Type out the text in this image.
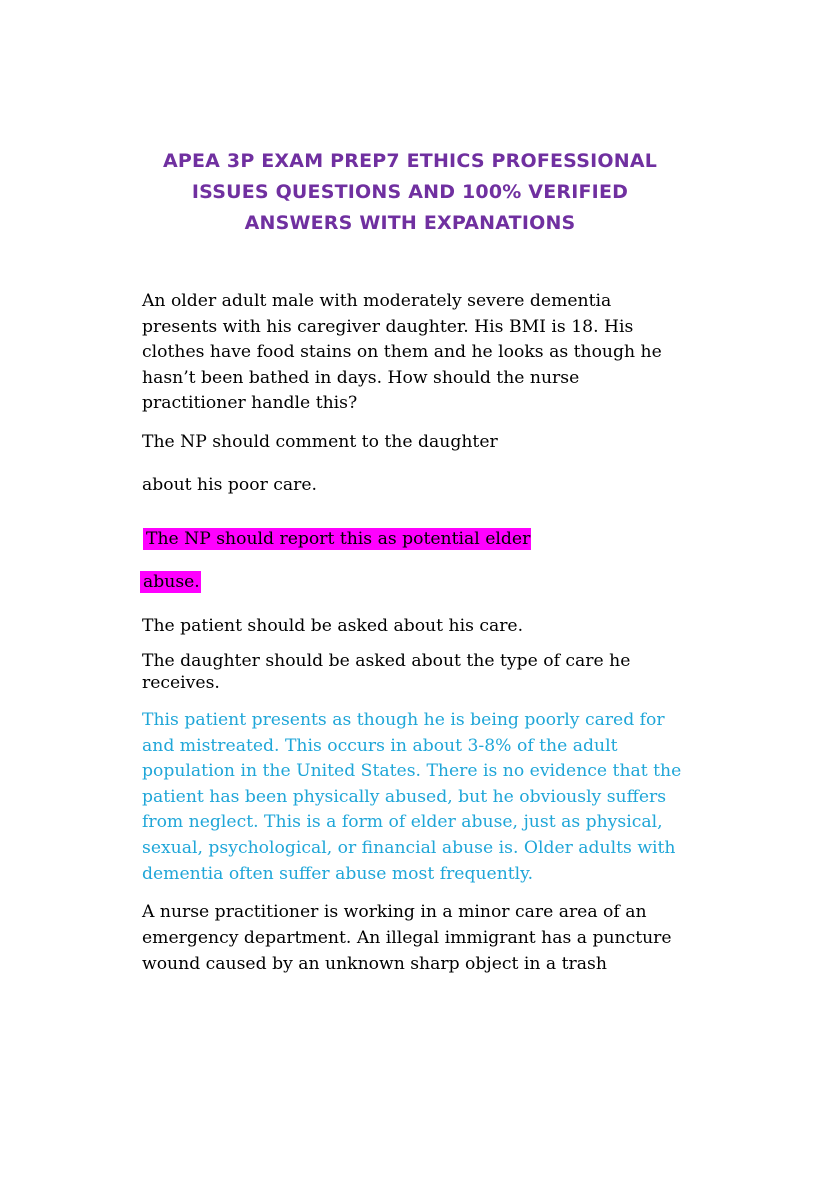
APEA 3P EXAM PREP7 ETHICS PROFESSIONAL
ISSUES QUESTIONS AND 100% VERIFIED
ANSWERS WITH EXPANATIONS
An older adult male with moderately severe dementia
presents with his caregiver daughter. His BMI is 18. His
clothes have food stains on them and he looks as though he
hasn’t been bathed in days. How should the nurse
practitioner handle this?
The NP should comment to the daughter
about his poor care.
The NP should report this as potential elder
abuse.
The patient should be asked about his care.
The daughter should be asked about the type of care he
receives.
This patient presents as though he is being poorly cared for
and mistreated. This occurs in about 3-8% of the adult
population in the United States. There is no evidence that the
patient has been physically abused, but he obviously suffers
from neglect. This is a form of elder abuse, just as physical,
sexual, psychological, or financial abuse is. Older adults with
dementia often suffer abuse most frequently.
A nurse practitioner is working in a minor care area of an
emergency department. An illegal immigrant has a puncture
wound caused by an unknown sharp object in a trash
